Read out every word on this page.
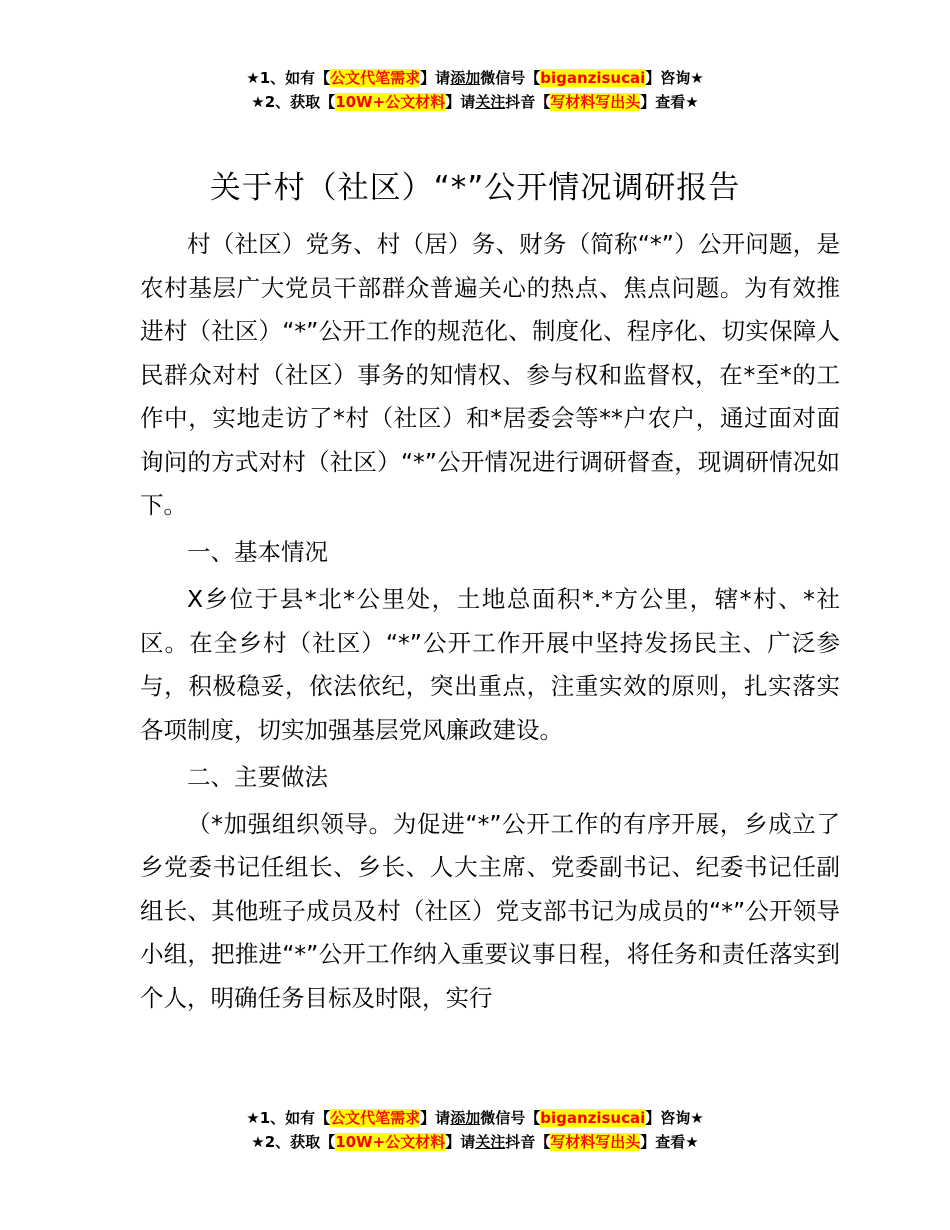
★1、如有【公文代笔需求】请添加微信号【biganzisucai】咨询★
★2、获取【10W+公文材料】请关注抖音【写材料写出头】查看★
关于村（社区）“*”公开情况调研报告

村（社区）党务、村（居）务、财务（简称“*”）公开问题，是农村基层广大党员干部群众普遍关心的热点、焦点问题。为有效推进村（社区）“*”公开工作的规范化、制度化、程序化、切实保障人民群众对村（社区）事务的知情权、参与权和监督权，在*至*的工作中，实地走访了*村（社区）和*居委会等**户农户，通过面对面询问的方式对村（社区）“*”公开情况进行调研督查，现调研情况如下。

一、基本情况

X乡位于县*北*公里处，土地总面积*.*方公里，辖*村、*社区。在全乡村（社区）“*”公开工作开展中坚持发扬民主、广泛参与，积极稳妥，依法依纪，突出重点，注重实效的原则，扎实落实各项制度，切实加强基层党风廉政建设。

二、主要做法

（*加强组织领导。为促进“*”公开工作的有序开展，乡成立了乡党委书记任组长、乡长、人大主席、党委副书记、纪委书记任副组长、其他班子成员及村（社区）党支部书记为成员的“*”公开领导小组，把推进“*”公开工作纳入重要议事日程，将任务和责任落实到个人，明确任务目标及时限，实行

★1、如有【公文代笔需求】请添加微信号【biganzisucai】咨询★
★2、获取【10W+公文材料】请关注抖音【写材料写出头】查看★
